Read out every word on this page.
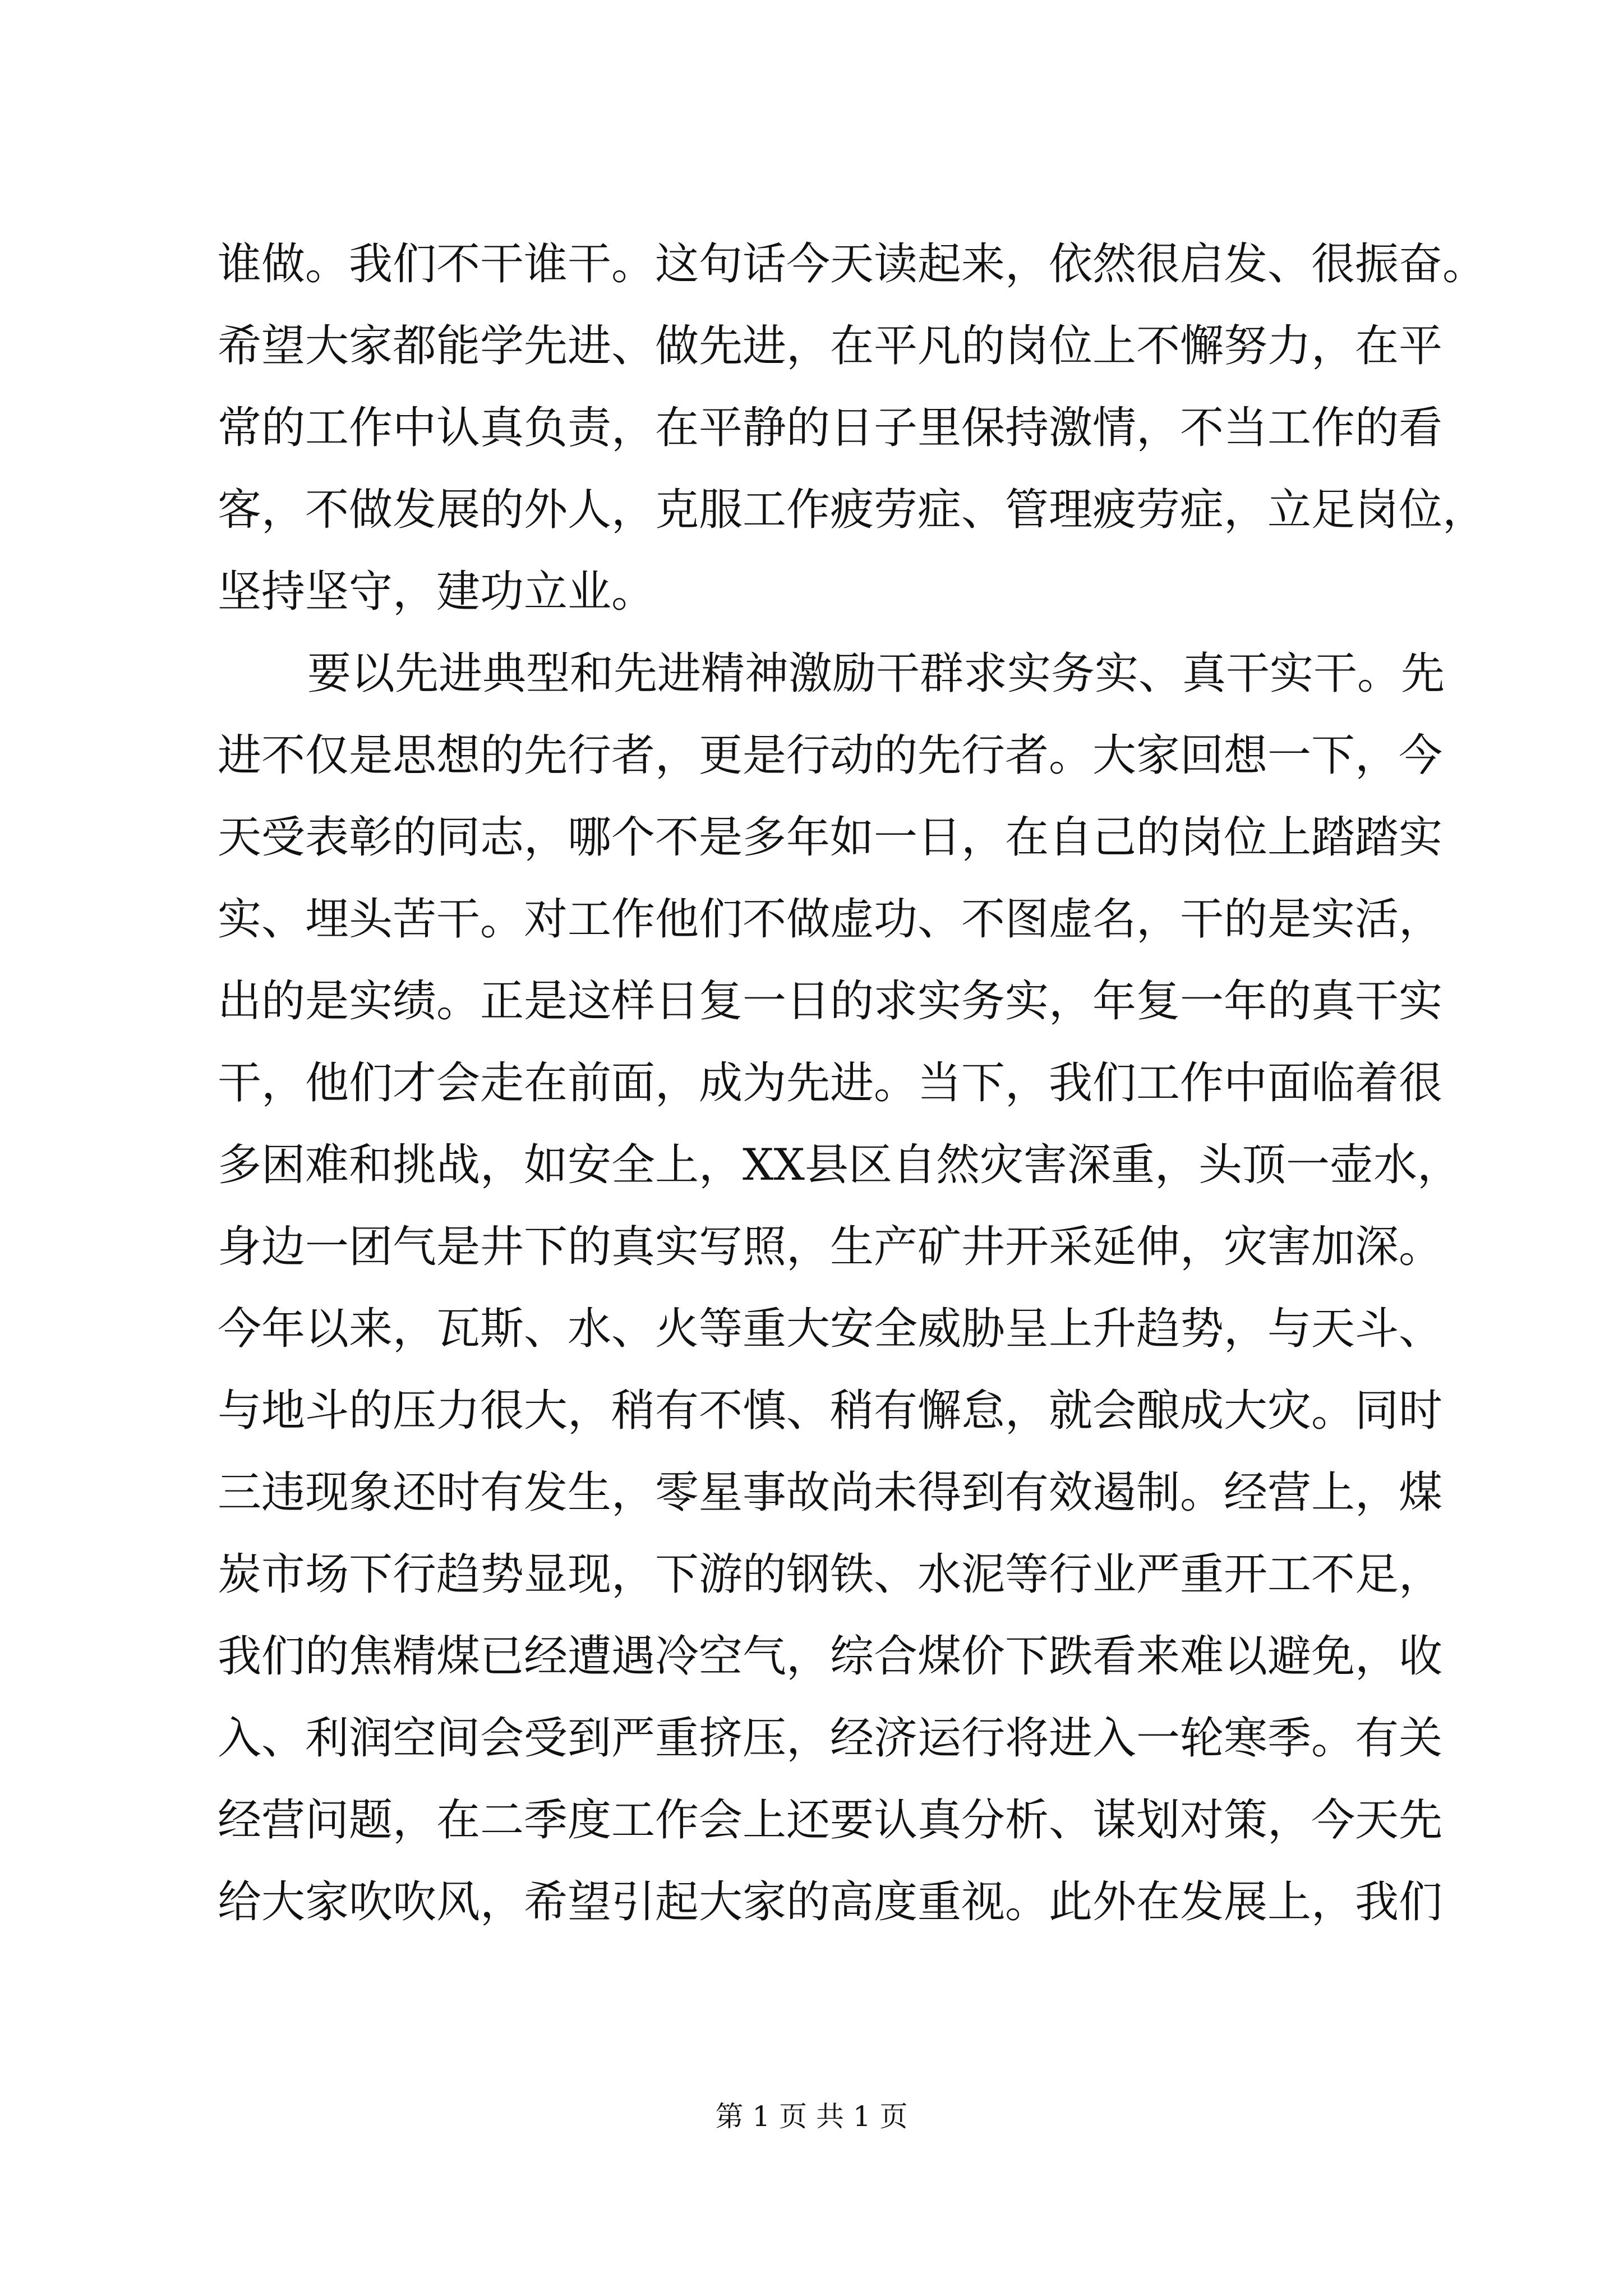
谁做。我们不干谁干。这句话今天读起来，依然很启发、很振奋。
希望大家都能学先进、做先进，在平凡的岗位上不懈努力，在平
常的工作中认真负责，在平静的日子里保持激情，不当工作的看
客，不做发展的外人，克服工作疲劳症、管理疲劳症，立足岗位，
坚持坚守，建功立业。
要以先进典型和先进精神激励干群求实务实、真干实干。先
进不仅是思想的先行者，更是行动的先行者。大家回想一下，今
天受表彰的同志，哪个不是多年如一日，在自己的岗位上踏踏实
实、埋头苦干。对工作他们不做虚功、不图虚名，干的是实活，
出的是实绩。正是这样日复一日的求实务实，年复一年的真干实
干，他们才会走在前面，成为先进。当下，我们工作中面临着很
多困难和挑战，如安全上，XX县区自然灾害深重，头顶一壶水，
身边一团气是井下的真实写照，生产矿井开采延伸，灾害加深。
今年以来，瓦斯、水、火等重大安全威胁呈上升趋势，与天斗、
与地斗的压力很大，稍有不慎、稍有懈怠，就会酿成大灾。同时
三违现象还时有发生，零星事故尚未得到有效遏制。经营上，煤
炭市场下行趋势显现，下游的钢铁、水泥等行业严重开工不足，
我们的焦精煤已经遭遇冷空气，综合煤价下跌看来难以避免，收
入、利润空间会受到严重挤压，经济运行将进入一轮寒季。有关
经营问题，在二季度工作会上还要认真分析、谋划对策，今天先
给大家吹吹风，希望引起大家的高度重视。此外在发展上，我们
第 1 页 共 1 页
